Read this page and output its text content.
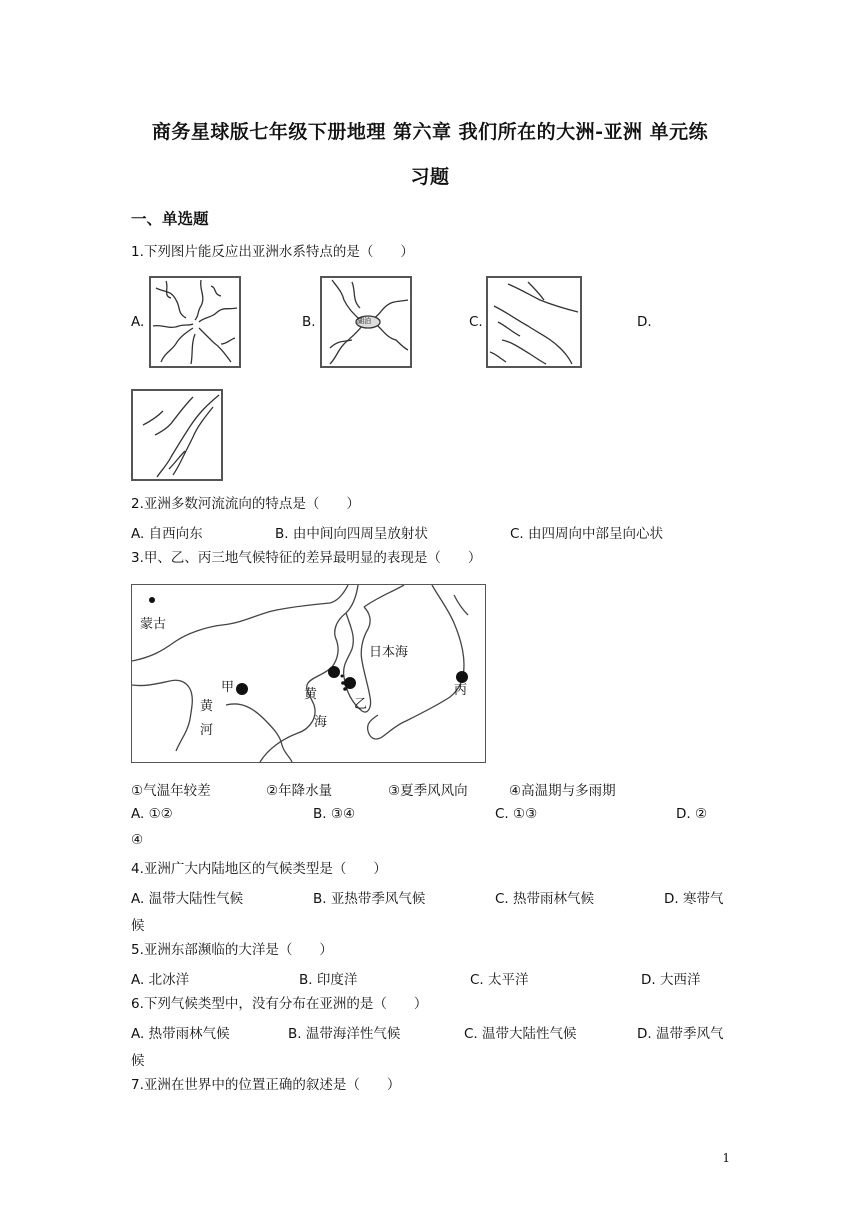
商务星球版七年级下册地理 第六章 我们所在的大洲-亚洲 单元练
习题
一、单选题
1.下列图片能反应出亚洲水系特点的是（　　）
A.	B.	湖泊	C.	D.
2.亚洲多数河流流向的特点是（　　）
A. 自西向东	B. 由中间向四周呈放射状	C. 由四周向中部呈向心状
3.甲、乙、丙三地气候特征的差异最明显的表现是（　　）
蒙古
日本海
甲
乙
丙
黄
海
黄
河
①气温年较差	②年降水量	③夏季风风向	④高温期与多雨期
A. ①②	B. ③④	C. ①③	D. ②
④
4.亚洲广大内陆地区的气候类型是（　　）
A. 温带大陆性气候	B. 亚热带季风气候	C. 热带雨林气候	D. 寒带气
候
5.亚洲东部濒临的大洋是（　　）
A. 北冰洋	B. 印度洋	C. 太平洋	D. 大西洋
6.下列气候类型中，没有分布在亚洲的是（　　）
A. 热带雨林气候	B. 温带海洋性气候	C. 温带大陆性气候	D. 温带季风气
候
7.亚洲在世界中的位置正确的叙述是（　　）
1
